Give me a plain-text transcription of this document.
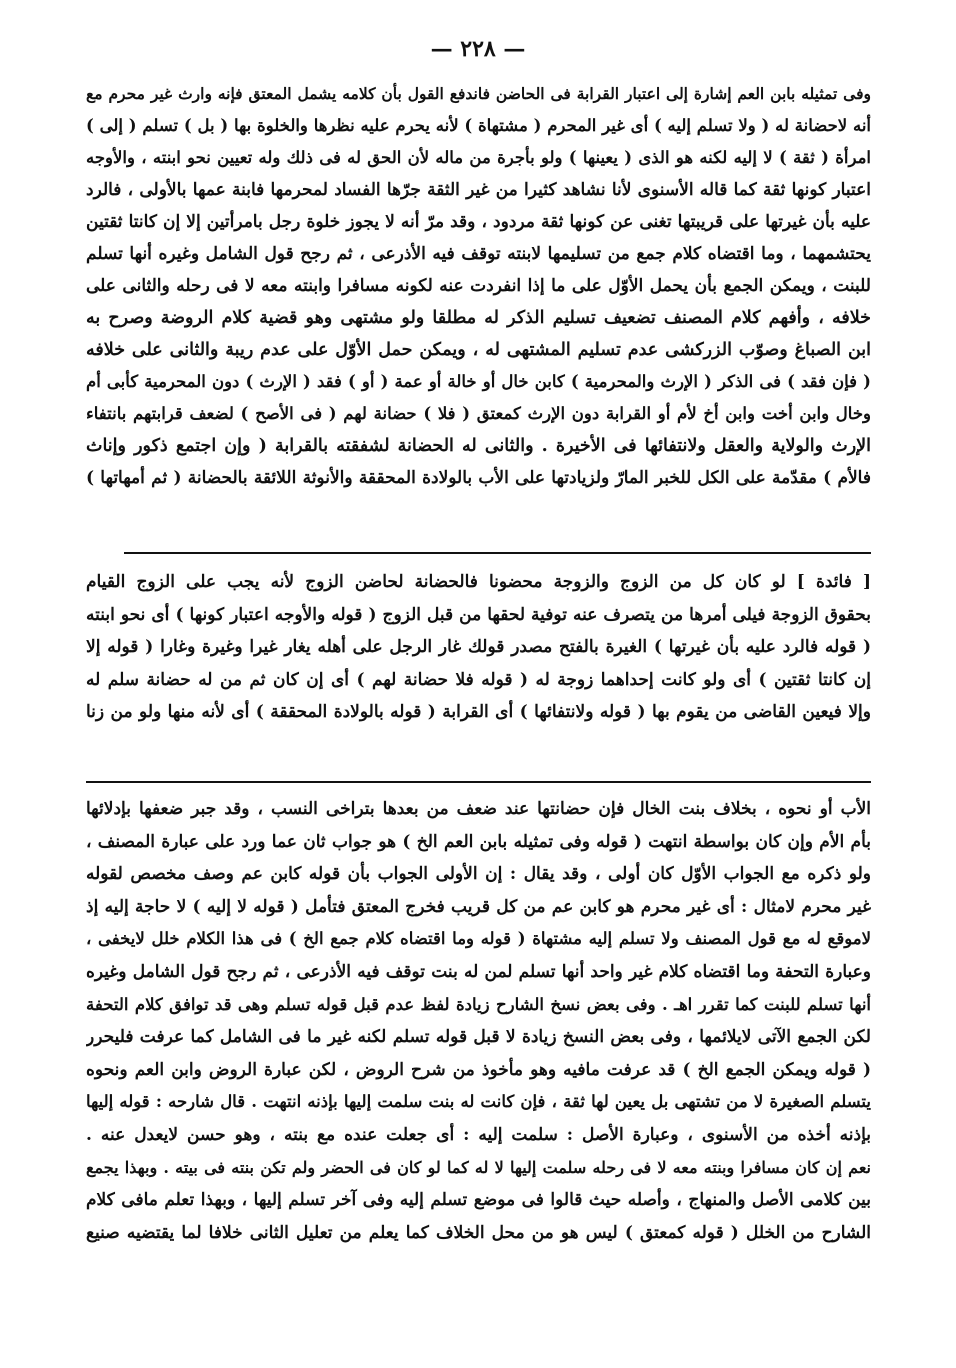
— ٢٢٨ —
وفى تمثيله بابن العم إشارة إلى اعتبار القرابة فى الحاضن فاندفع القول بأن كلامه يشمل المعتق فإنه وارث غير محرم مع
أنه لاحضانة له ( ولا تسلم إليه ) أى غير المحرم ( مشتهاة ) لأنه يحرم عليه نظرها والخلوة بها ( بل ) تسلم ( إلى )
امرأة ( ثقة ) لا إليه لكنه هو الذى ( يعينها ) ولو بأجرة من ماله لأن الحق له فى ذلك وله تعيين نحو ابنته ، والأوجه
اعتبار كونها ثقة كما قاله الأسنوى لأنا نشاهد كثيرا من غير الثقة جرّها الفساد لمحرمها فابنة عمها بالأولى ، فالرد
عليه بأن غيرتها على قريبتها تغنى عن كونها ثقة مردود ، وقد مرّ أنه لا يجوز خلوة رجل بامرأتين إلا إن كانتا ثقتين
يحتشمهما ، وما اقتضاه كلام جمع من تسليمها لابنته توقف فيه الأذرعى ، ثم رجح قول الشامل وغيره أنها تسلم
للبنت ، ويمكن الجمع بأن يحمل الأوّل على ما إذا انفردت عنه لكونه مسافرا وابنته معه لا فى رحله والثانى على
خلافه ، وأفهم كلام المصنف تضعيف تسليم الذكر له مطلقا ولو مشتهى وهو قضية كلام الروضة وصرح به
ابن الصباغ وصوّب الزركشى عدم تسليم المشتهى له ، ويمكن حمل الأوّل على عدم ريبة والثانى على خلافه
( فإن فقد ) فى الذكر ( الإرث والمحرمية ) كابن خال أو خالة أو عمة ( أو ) فقد ( الإرث ) دون المحرمية كأبى أم
وخال وابن أخت وابن أخ لأم أو القرابة دون الإرث كمعتق ( فلا ) حضانة لهم ( فى الأصح ) لضعف قرابتهم بانتفاء
الإرث والولاية والعقل ولانتفائها فى الأخيرة . والثانى له الحضانة لشفقته بالقرابة ( وإن اجتمع ذكور وإناث
فالأم ) مقدّمة على الكل للخبر المارّ ولزيادتها على الأب بالولادة المحققة والأنوثة اللائقة بالحضانة ( ثم أمهاتها )
[ فائدة ] لو كان كل من الزوج والزوجة محضونا فالحضانة لحاضن الزوج لأنه يجب على الزوج القيام
بحقوق الزوجة فيلى أمرها من يتصرف عنه توفية لحقها من قبل الزوج ( قوله والأوجه اعتبار كونها ) أى نحو ابنته
( قوله فالرد عليه بأن غيرتها ) الغيرة بالفتح مصدر قولك غار الرجل على أهله يغار غيرا وغيرة وغارا ( قوله إلا
إن كانتا ثقتين ) أى ولو كانت إحداهما زوجة له ( قوله فلا حضانة لهم ) أى إن كان ثم من له حضانة سلم له
وإلا فيعين القاضى من يقوم بها ( قوله ولانتفائها ) أى القرابة ( قوله بالولادة المحققة ) أى لأنه منها ولو من زنا
الأب أو نحوه ، بخلاف بنت الخال فإن حضانتها عند ضعف من بعدها بتراخى النسب ، وقد جبر ضعفها بإدلائها
بأم الأم وإن كان بواسطة انتهت ( قوله وفى تمثيله بابن العم الخ ) هو جواب ثان عما ورد على عبارة المصنف ،
ولو ذكره مع الجواب الأوّل كان أولى ، وقد يقال : إن الأولى الجواب بأن قوله كابن عم وصف مخصص لقوله
غير محرم لامثال : أى غير محرم هو كابن عم من كل قريب فخرج المعتق فتأمل ( قوله لا إليه ) لا حاجة إليه إذ
لاموقع له مع قول المصنف ولا تسلم إليه مشتهاة ( قوله وما اقتضاه كلام جمع الخ ) فى هذا الكلام خلل لايخفى ،
وعبارة التحفة وما اقتضاه كلام غير واحد أنها تسلم لمن له بنت توقف فيه الأذرعى ، ثم رجح قول الشامل وغيره
أنها تسلم للبنت كما تقرر اهـ . وفى بعض نسخ الشارح زيادة لفظ عدم قبل قوله تسلم وهى قد توافق كلام التحفة
لكن الجمع الآتى لايلائمها ، وفى بعض النسخ زيادة لا قبل قوله تسلم لكنه غير ما فى الشامل كما عرفت فليحرر
( قوله ويمكن الجمع الخ ) قد عرفت مافيه وهو مأخوذ من شرح الروض ، لكن عبارة الروض وابن العم ونحوه
يتسلم الصغيرة لا من تشتهى بل يعين لها ثقة ، فإن كانت له بنت سلمت إليها بإذنه انتهت . قال شارحه : قوله إليها
بإذنه أخذه من الأسنوى ، وعبارة الأصل : سلمت إليه : أى جعلت عنده مع بنته ، وهو حسن لايعدل عنه .
نعم إن كان مسافرا وبنته معه لا فى رحله سلمت إليها لا له كما لو كان فى الحضر ولم تكن بنته فى بيته . وبهذا يجمع
بين كلامى الأصل والمنهاج ، وأصله حيث قالوا فى موضع تسلم إليه وفى آخر تسلم إليها ، وبهذا تعلم مافى كلام
الشارح من الخلل ( قوله كمعتق ) ليس هو من محل الخلاف كما يعلم من تعليل الثانى خلافا لما يقتضيه صنيع
